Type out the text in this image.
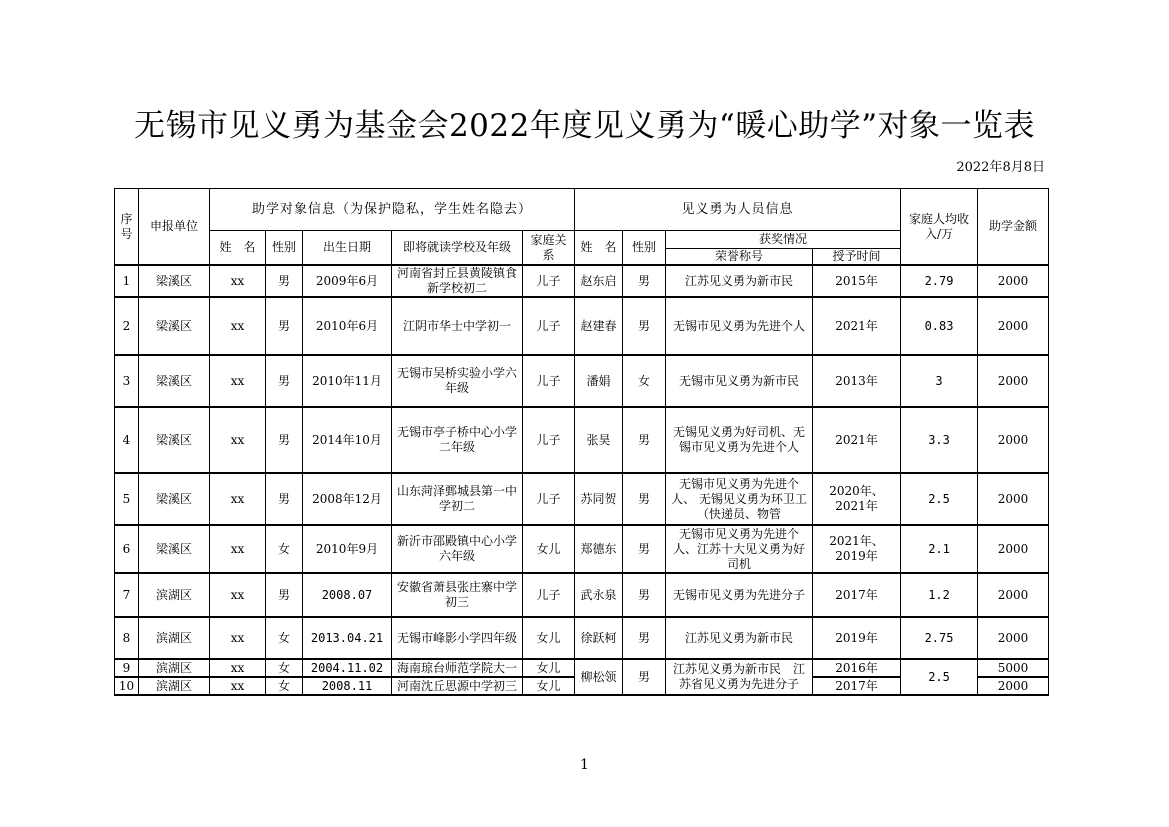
无锡市见义勇为基金会2022年度见义勇为“暖心助学”对象一览表
2022年8月8日
序号	申报单位	助学对象信息（为保护隐私，学生姓名隐去）					见义勇为人员信息				家庭人均收入/万	助学金额
		姓　名	性别	出生日期	即将就读学校及年级	家庭关系	姓　名	性别	获奖情况			
									荣誉称号	授予时间		
1	梁溪区	xx	男	2009年6月	河南省封丘县黄陵镇食新学校初二	儿子	赵东启	男	江苏见义勇为新市民	2015年	2.79	2000
2	梁溪区	xx	男	2010年6月	江阴市华士中学初一	儿子	赵建春	男	无锡市见义勇为先进个人	2021年	0.83	2000
3	梁溪区	xx	男	2010年11月	无锡市吴桥实验小学六年级	儿子	潘娟	女	无锡市见义勇为新市民	2013年	3	2000
4	梁溪区	xx	男	2014年10月	无锡市亭子桥中心小学二年级	儿子	张昊	男	无锡见义勇为好司机、无锡市见义勇为先进个人	2021年	3.3	2000
5	梁溪区	xx	男	2008年12月	山东菏泽鄄城县第一中学初二	儿子	苏同贺	男	无锡市见义勇为先进个人、 无锡见义勇为环卫工（快递员、物管	2020年、2021年	2.5	2000
6	梁溪区	xx	女	2010年9月	新沂市邵殿镇中心小学六年级	女儿	郑德东	男	无锡市见义勇为先进个人、江苏十大见义勇为好司机	2021年、2019年	2.1	2000
7	滨湖区	xx	男	2008.07	安徽省萧县张庄寨中学初三	儿子	武永泉	男	无锡市见义勇为先进分子	2017年	1.2	2000
8	滨湖区	xx	女	2013.04.21	无锡市峰影小学四年级	女儿	徐跃柯	男	江苏见义勇为新市民	2019年	2.75	2000
9	滨湖区	xx	女	2004.11.02	海南琼台师范学院大一	女儿	柳松领	男	江苏见义勇为新市民　江苏省见义勇为先进分子	2016年	2.5	5000
10	滨湖区	xx	女	2008.11	河南沈丘思源中学初三	女儿				2017年		2000
1
